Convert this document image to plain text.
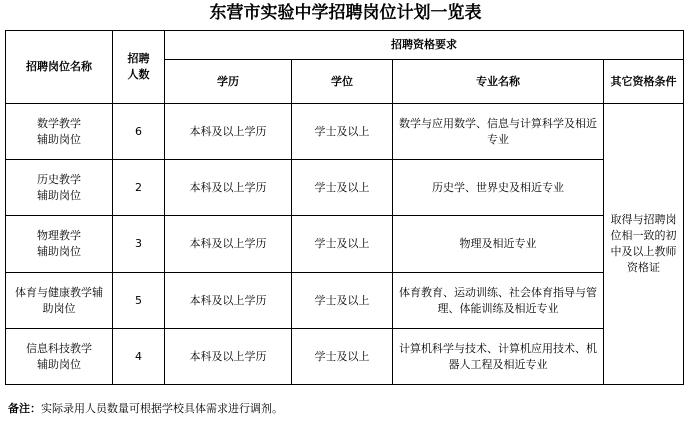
东营市实验中学招聘岗位计划一览表
招聘岗位名称	招聘人数	招聘资格要求			
		学历	学位	专业名称	其它资格条件
数学教学辅助岗位	6	本科及以上学历	学士及以上	数学与应用数学、信息与计算科学及相近专业	取得与招聘岗位相一致的初中及以上教师资格证
历史教学辅助岗位	2	本科及以上学历	学士及以上	历史学、世界史及相近专业	
物理教学辅助岗位	3	本科及以上学历	学士及以上	物理及相近专业	
体育与健康教学辅助岗位	5	本科及以上学历	学士及以上	体育教育、运动训练、社会体育指导与管理、体能训练及相近专业	
信息科技教学辅助岗位	4	本科及以上学历	学士及以上	计算机科学与技术、计算机应用技术、机器人工程及相近专业	
备注：实际录用人员数量可根据学校具体需求进行调剂。
